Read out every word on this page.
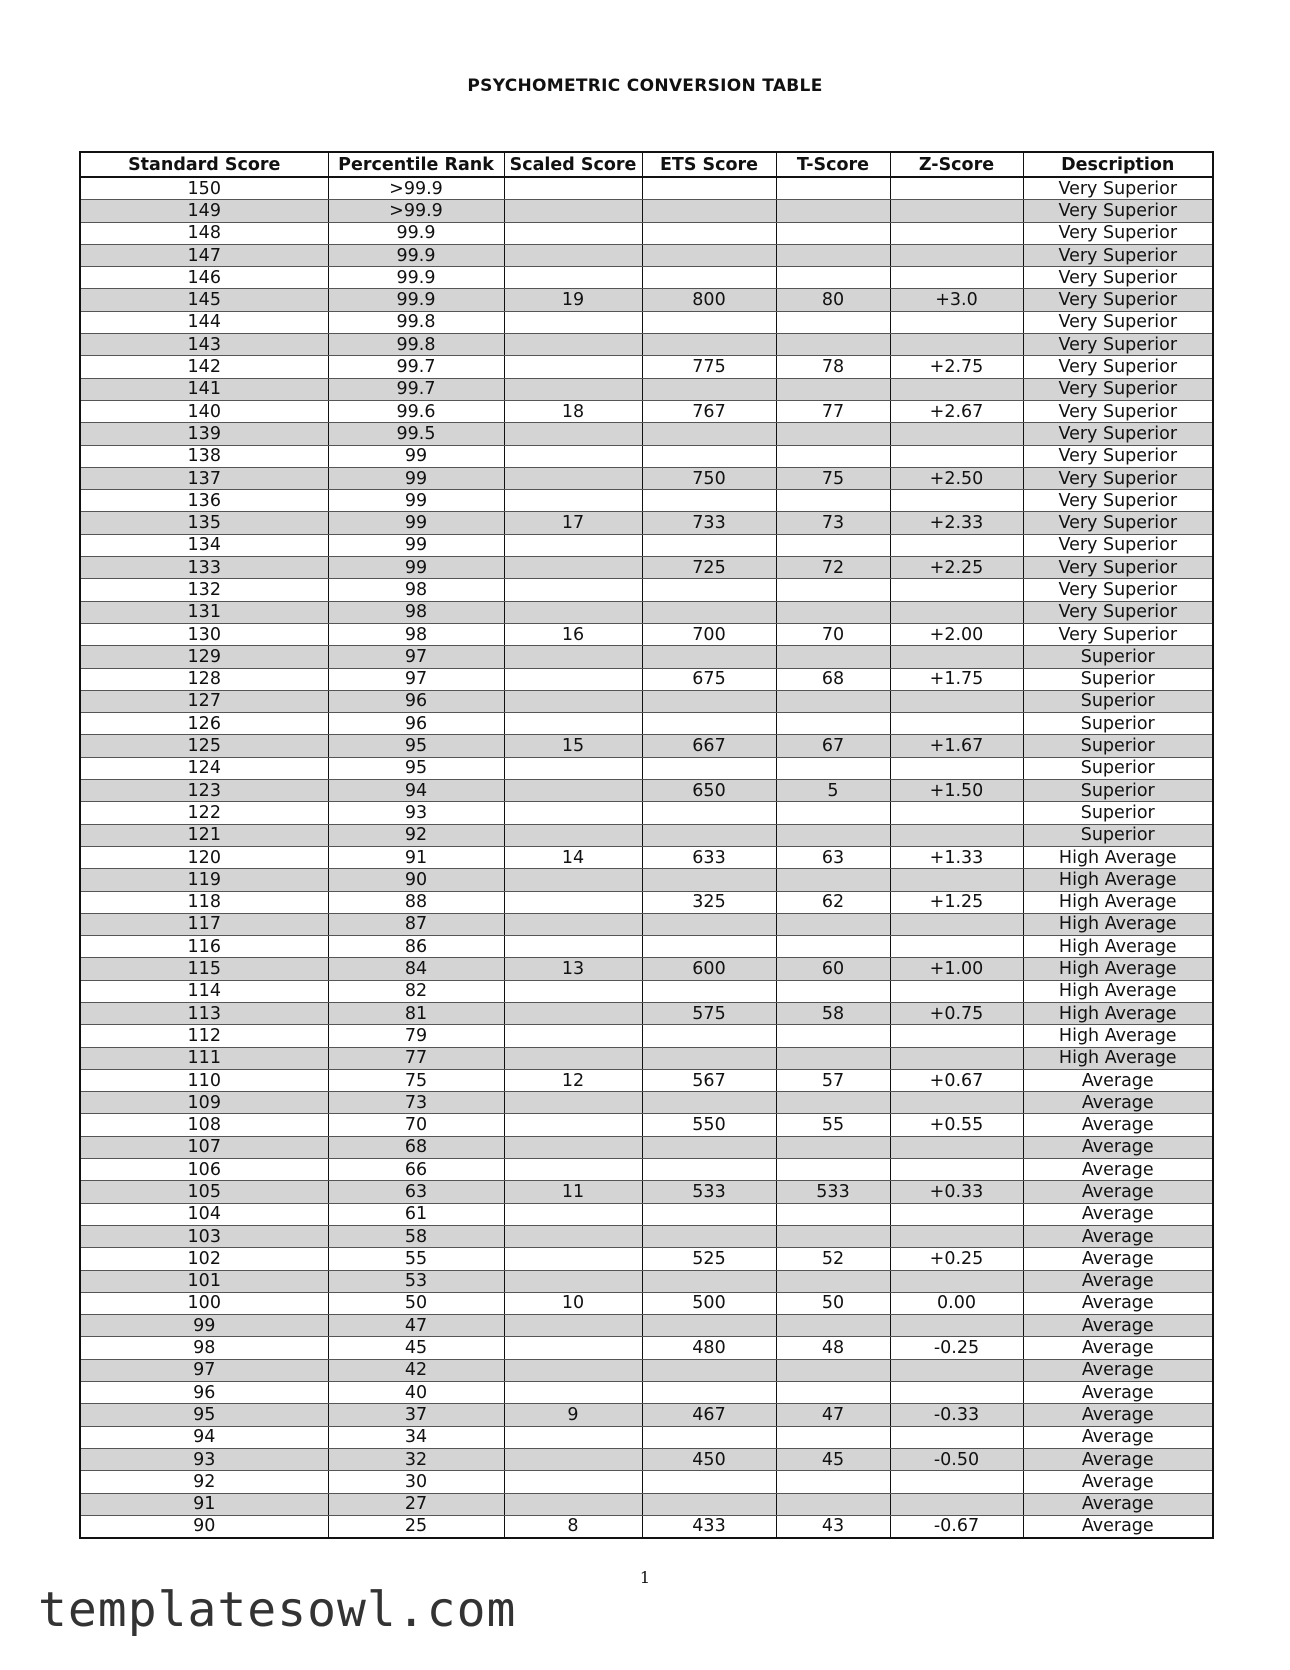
PSYCHOMETRIC CONVERSION TABLE
Standard Score	Percentile Rank	Scaled Score	ETS Score	T-Score	Z-Score	Description
150	>99.9					Very Superior
149	>99.9					Very Superior
148	99.9					Very Superior
147	99.9					Very Superior
146	99.9					Very Superior
145	99.9	19	800	80	+3.0	Very Superior
144	99.8					Very Superior
143	99.8					Very Superior
142	99.7		775	78	+2.75	Very Superior
141	99.7					Very Superior
140	99.6	18	767	77	+2.67	Very Superior
139	99.5					Very Superior
138	99					Very Superior
137	99		750	75	+2.50	Very Superior
136	99					Very Superior
135	99	17	733	73	+2.33	Very Superior
134	99					Very Superior
133	99		725	72	+2.25	Very Superior
132	98					Very Superior
131	98					Very Superior
130	98	16	700	70	+2.00	Very Superior
129	97					Superior
128	97		675	68	+1.75	Superior
127	96					Superior
126	96					Superior
125	95	15	667	67	+1.67	Superior
124	95					Superior
123	94		650	5	+1.50	Superior
122	93					Superior
121	92					Superior
120	91	14	633	63	+1.33	High Average
119	90					High Average
118	88		325	62	+1.25	High Average
117	87					High Average
116	86					High Average
115	84	13	600	60	+1.00	High Average
114	82					High Average
113	81		575	58	+0.75	High Average
112	79					High Average
111	77					High Average
110	75	12	567	57	+0.67	Average
109	73					Average
108	70		550	55	+0.55	Average
107	68					Average
106	66					Average
105	63	11	533	533	+0.33	Average
104	61					Average
103	58					Average
102	55		525	52	+0.25	Average
101	53					Average
100	50	10	500	50	0.00	Average
99	47					Average
98	45		480	48	-0.25	Average
97	42					Average
96	40					Average
95	37	9	467	47	-0.33	Average
94	34					Average
93	32		450	45	-0.50	Average
92	30					Average
91	27					Average
90	25	8	433	43	-0.67	Average
1
templatesowl.com
